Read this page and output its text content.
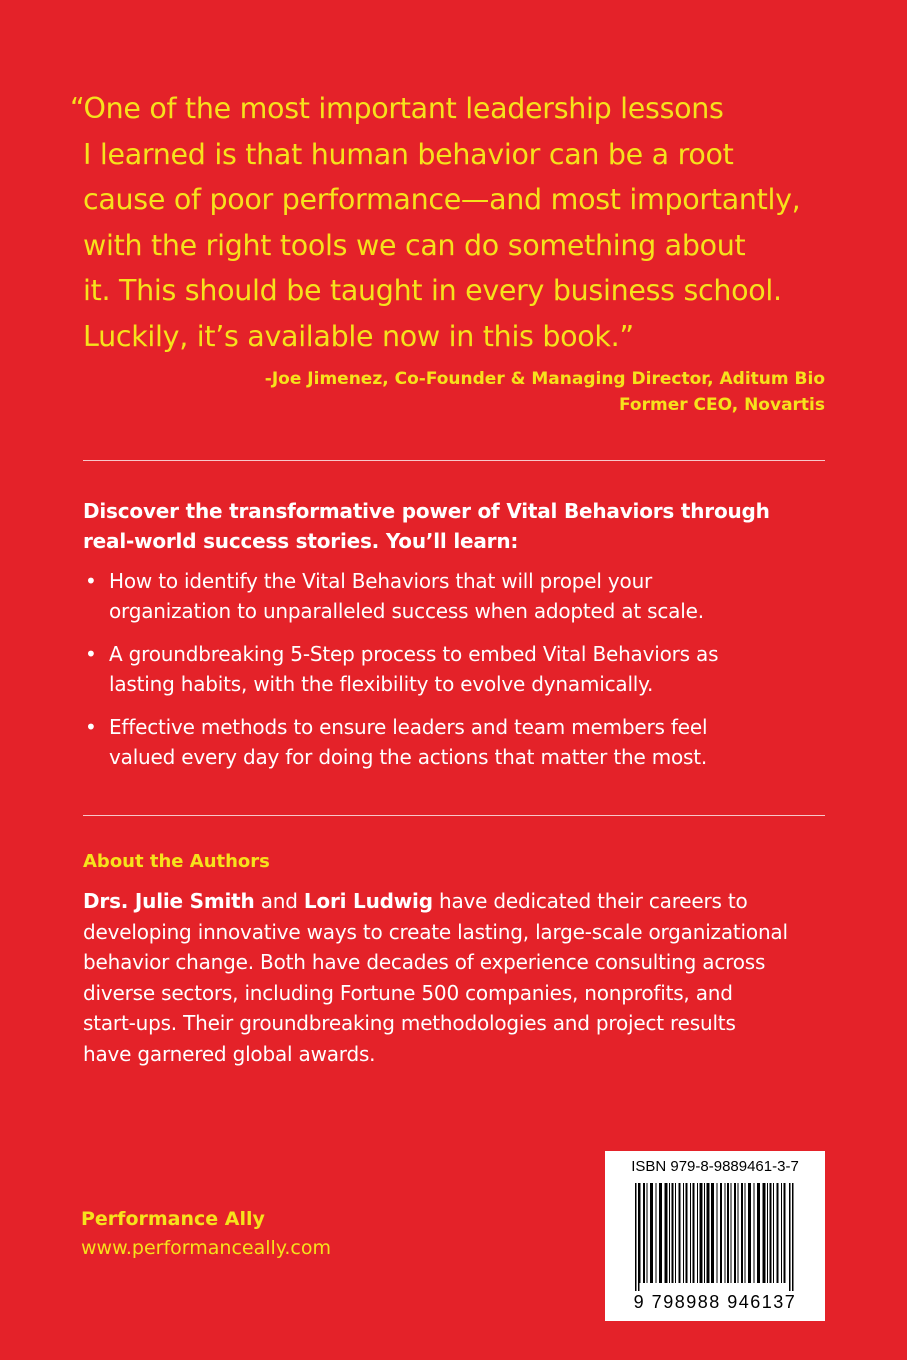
“One of the most important leadership lessons
I learned is that human behavior can be a root
cause of poor performance—and most importantly,
with the right tools we can do something about
it. This should be taught in every business school.
Luckily, it’s available now in this book.”
-Joe Jimenez, Co-Founder & Managing Director, Aditum Bio
Former CEO, Novartis
Discover the transformative power of Vital Behaviors through
real-world success stories. You’ll learn:
• How to identify the Vital Behaviors that will propel your
organization to unparalleled success when adopted at scale.
• A groundbreaking 5-Step process to embed Vital Behaviors as
lasting habits, with the flexibility to evolve dynamically.
• Effective methods to ensure leaders and team members feel
valued every day for doing the actions that matter the most.
About the Authors
Drs. Julie Smith and Lori Ludwig have dedicated their careers to
developing innovative ways to create lasting, large-scale organizational
behavior change. Both have decades of experience consulting across
diverse sectors, including Fortune 500 companies, nonprofits, and
start-ups. Their groundbreaking methodologies and project results
have garnered global awards.
Performance Ally
www.performanceally.com
ISBN 979-8-9889461-3-7
9 798988 946137
